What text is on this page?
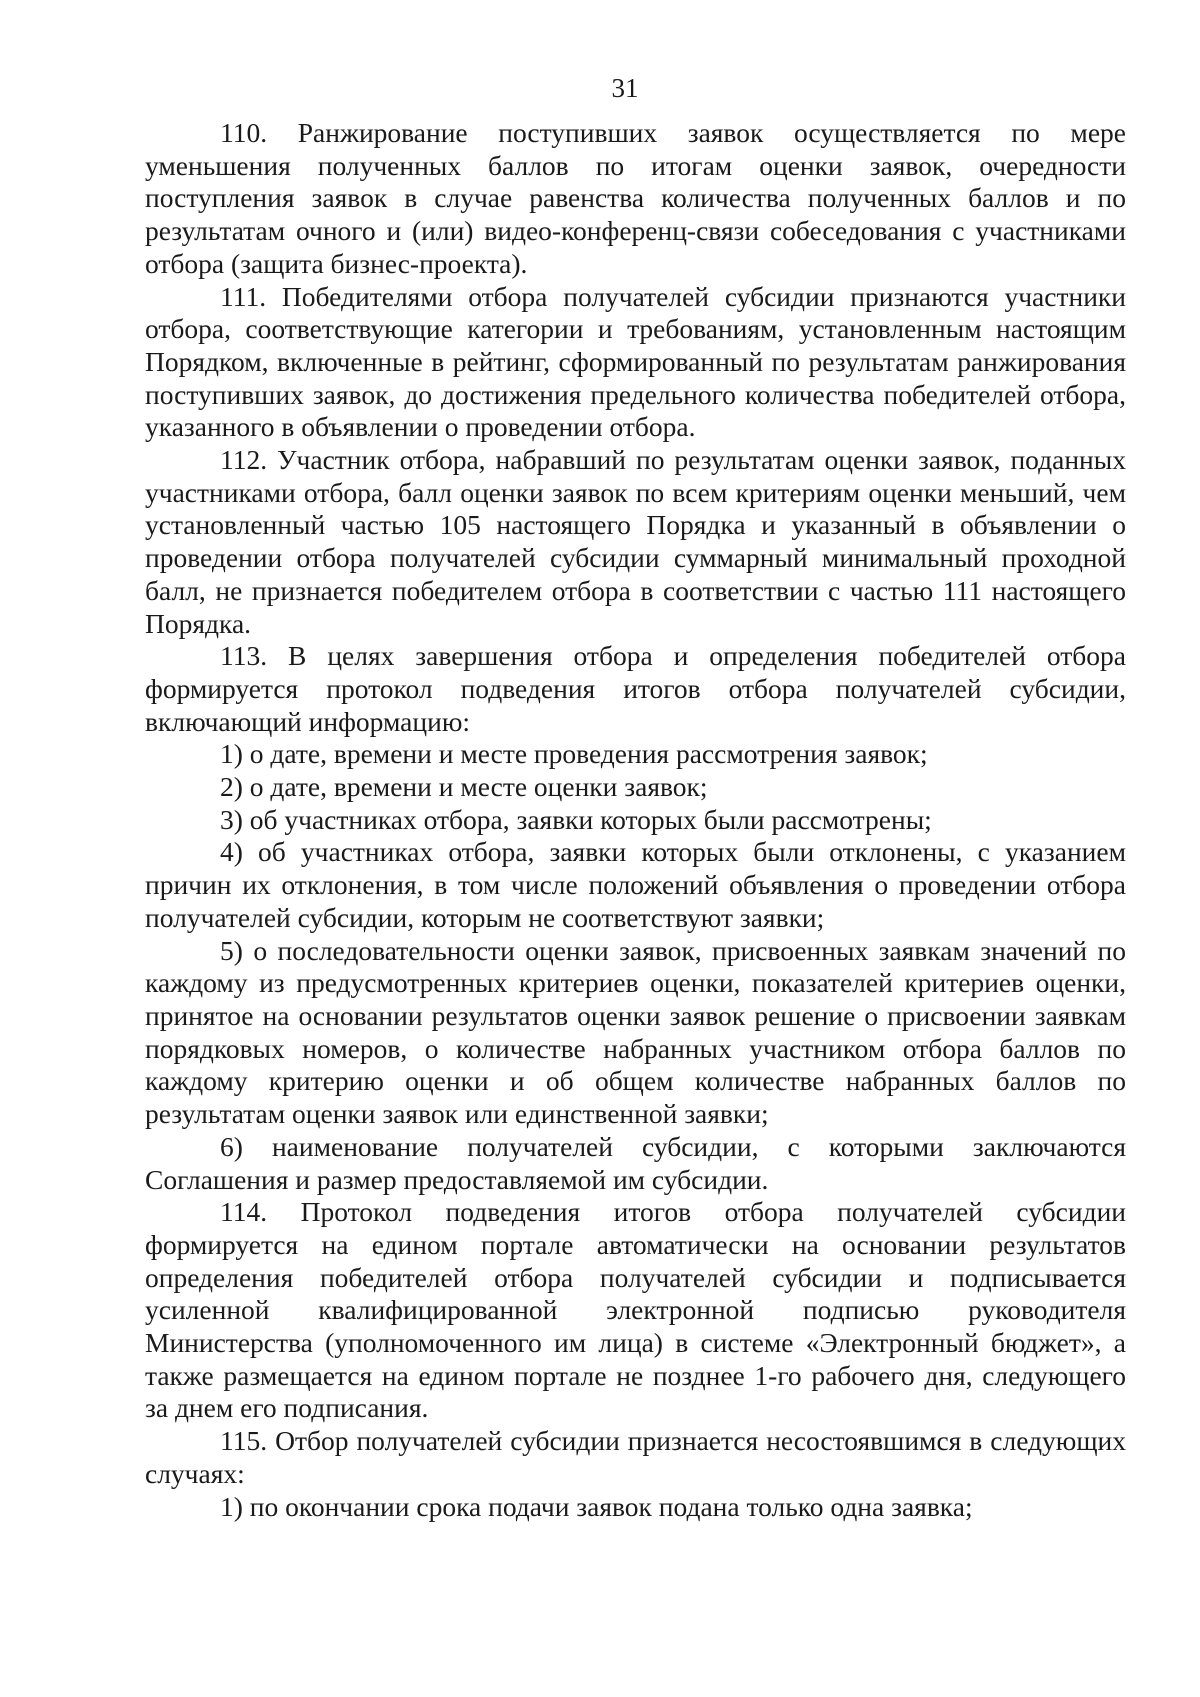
31

110. Ранжирование поступивших заявок осуществляется по мере уменьшения полученных баллов по итогам оценки заявок, очередности поступления заявок в случае равенства количества полученных баллов и по результатам очного и (или) видео-конференц-связи собеседования с участниками отбора (защита бизнес-проекта).

111. Победителями отбора получателей субсидии признаются участники отбора, соответствующие категории и требованиям, установленным настоящим Порядком, включенные в рейтинг, сформированный по результатам ранжирования поступивших заявок, до достижения предельного количества победителей отбора, указанного в объявлении о проведении отбора.

112. Участник отбора, набравший по результатам оценки заявок, поданных участниками отбора, балл оценки заявок по всем критериям оценки меньший, чем установленный частью 105 настоящего Порядка и указанный в объявлении о проведении отбора получателей субсидии суммарный минимальный проходной балл, не признается победителем отбора в соответствии с частью 111 настоящего Порядка.

113. В целях завершения отбора и определения победителей отбора формируется протокол подведения итогов отбора получателей субсидии, включающий информацию:

1) о дате, времени и месте проведения рассмотрения заявок;

2) о дате, времени и месте оценки заявок;

3) об участниках отбора, заявки которых были рассмотрены;

4) об участниках отбора, заявки которых были отклонены, с указанием причин их отклонения, в том числе положений объявления о проведении отбора получателей субсидии, которым не соответствуют заявки;

5) о последовательности оценки заявок, присвоенных заявкам значений по каждому из предусмотренных критериев оценки, показателей критериев оценки, принятое на основании результатов оценки заявок решение о присвоении заявкам порядковых номеров, о количестве набранных участником отбора баллов по каждому критерию оценки и об общем количестве набранных баллов по результатам оценки заявок или единственной заявки;

6) наименование получателей субсидии, с которыми заключаются Соглашения и размер предоставляемой им субсидии.

114. Протокол подведения итогов отбора получателей субсидии формируется на едином портале автоматически на основании результатов определения победителей отбора получателей субсидии и подписывается усиленной квалифицированной электронной подписью руководителя Министерства (уполномоченного им лица) в системе «Электронный бюджет», а также размещается на едином портале не позднее 1-го рабочего дня, следующего за днем его подписания.

115. Отбор получателей субсидии признается несостоявшимся в следующих случаях:

1) по окончании срока подачи заявок подана только одна заявка;
